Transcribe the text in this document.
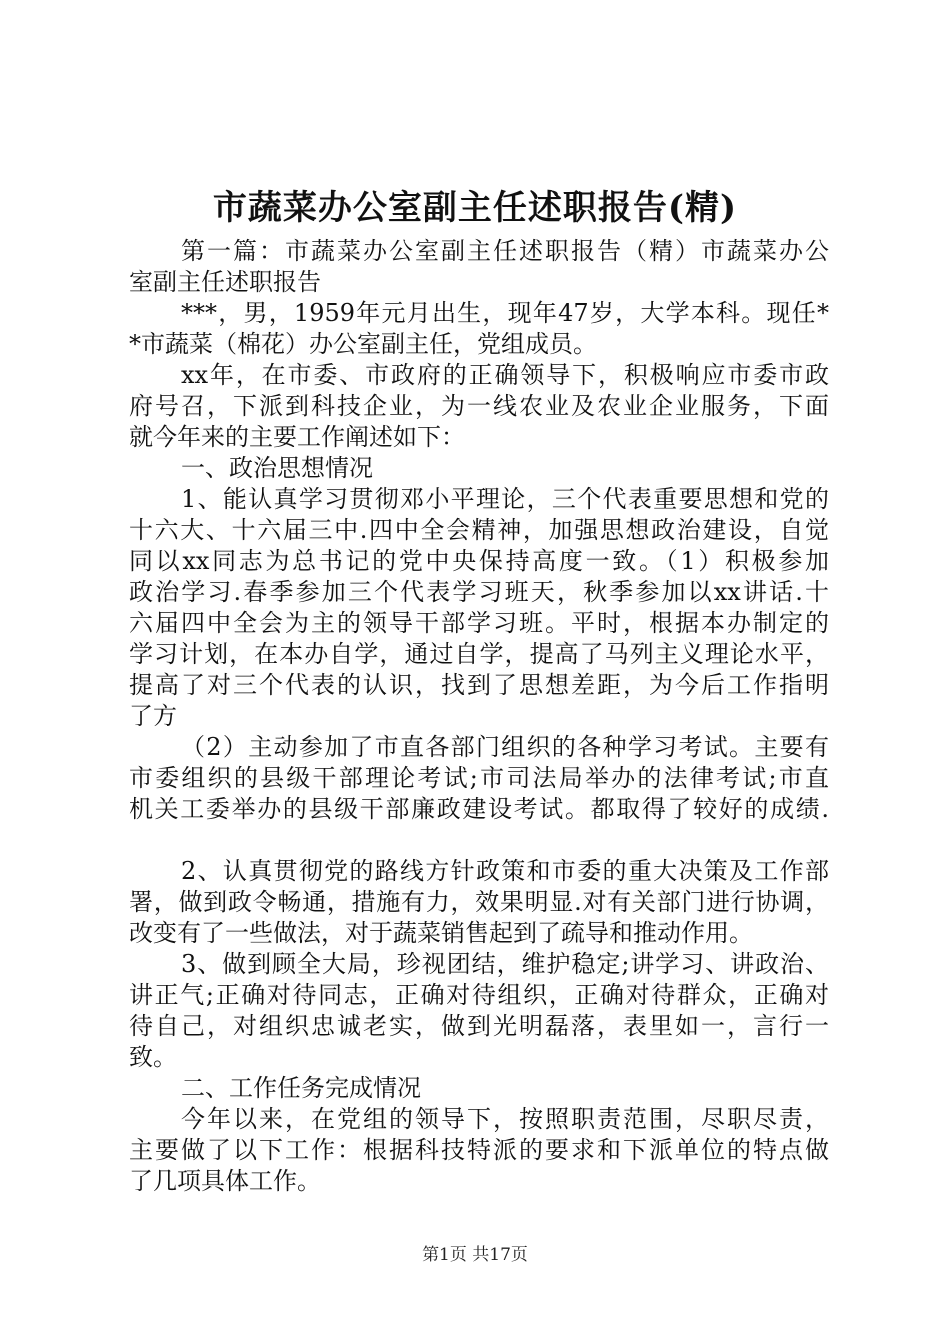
市蔬菜办公室副主任述职报告(精)
第一篇：市蔬菜办公室副主任述职报告（精）市蔬菜办公
室副主任述职报告
***，男，1959年元月出生，现年47岁，大学本科。现任*
*市蔬菜（棉花）办公室副主任，党组成员。
xx年，在市委、市政府的正确领导下，积极响应市委市政
府号召，下派到科技企业，为一线农业及农业企业服务，下面
就今年来的主要工作阐述如下：
一、政治思想情况
1、能认真学习贯彻邓小平理论，三个代表重要思想和党的
十六大、十六届三中.四中全会精神，加强思想政治建设，自觉
同以xx同志为总书记的党中央保持高度一致。（1）积极参加
政治学习.春季参加三个代表学习班天，秋季参加以xx讲话.十
六届四中全会为主的领导干部学习班。平时，根据本办制定的
学习计划，在本办自学，通过自学，提高了马列主义理论水平，
提高了对三个代表的认识，找到了思想差距，为今后工作指明
了方
（2）主动参加了市直各部门组织的各种学习考试。主要有
市委组织的县级干部理论考试;市司法局举办的法律考试;市直
机关工委举办的县级干部廉政建设考试。都取得了较好的成绩.
2、认真贯彻党的路线方针政策和市委的重大决策及工作部
署，做到政令畅通，措施有力，效果明显.对有关部门进行协调，
改变有了一些做法，对于蔬菜销售起到了疏导和推动作用。
3、做到顾全大局，珍视团结，维护稳定;讲学习、讲政治、
讲正气;正确对待同志，正确对待组织，正确对待群众，正确对
待自己，对组织忠诚老实，做到光明磊落，表里如一，言行一
致。
二、工作任务完成情况
今年以来，在党组的领导下，按照职责范围，尽职尽责，
主要做了以下工作：根据科技特派的要求和下派单位的特点做
了几项具体工作。
第1页 共17页
